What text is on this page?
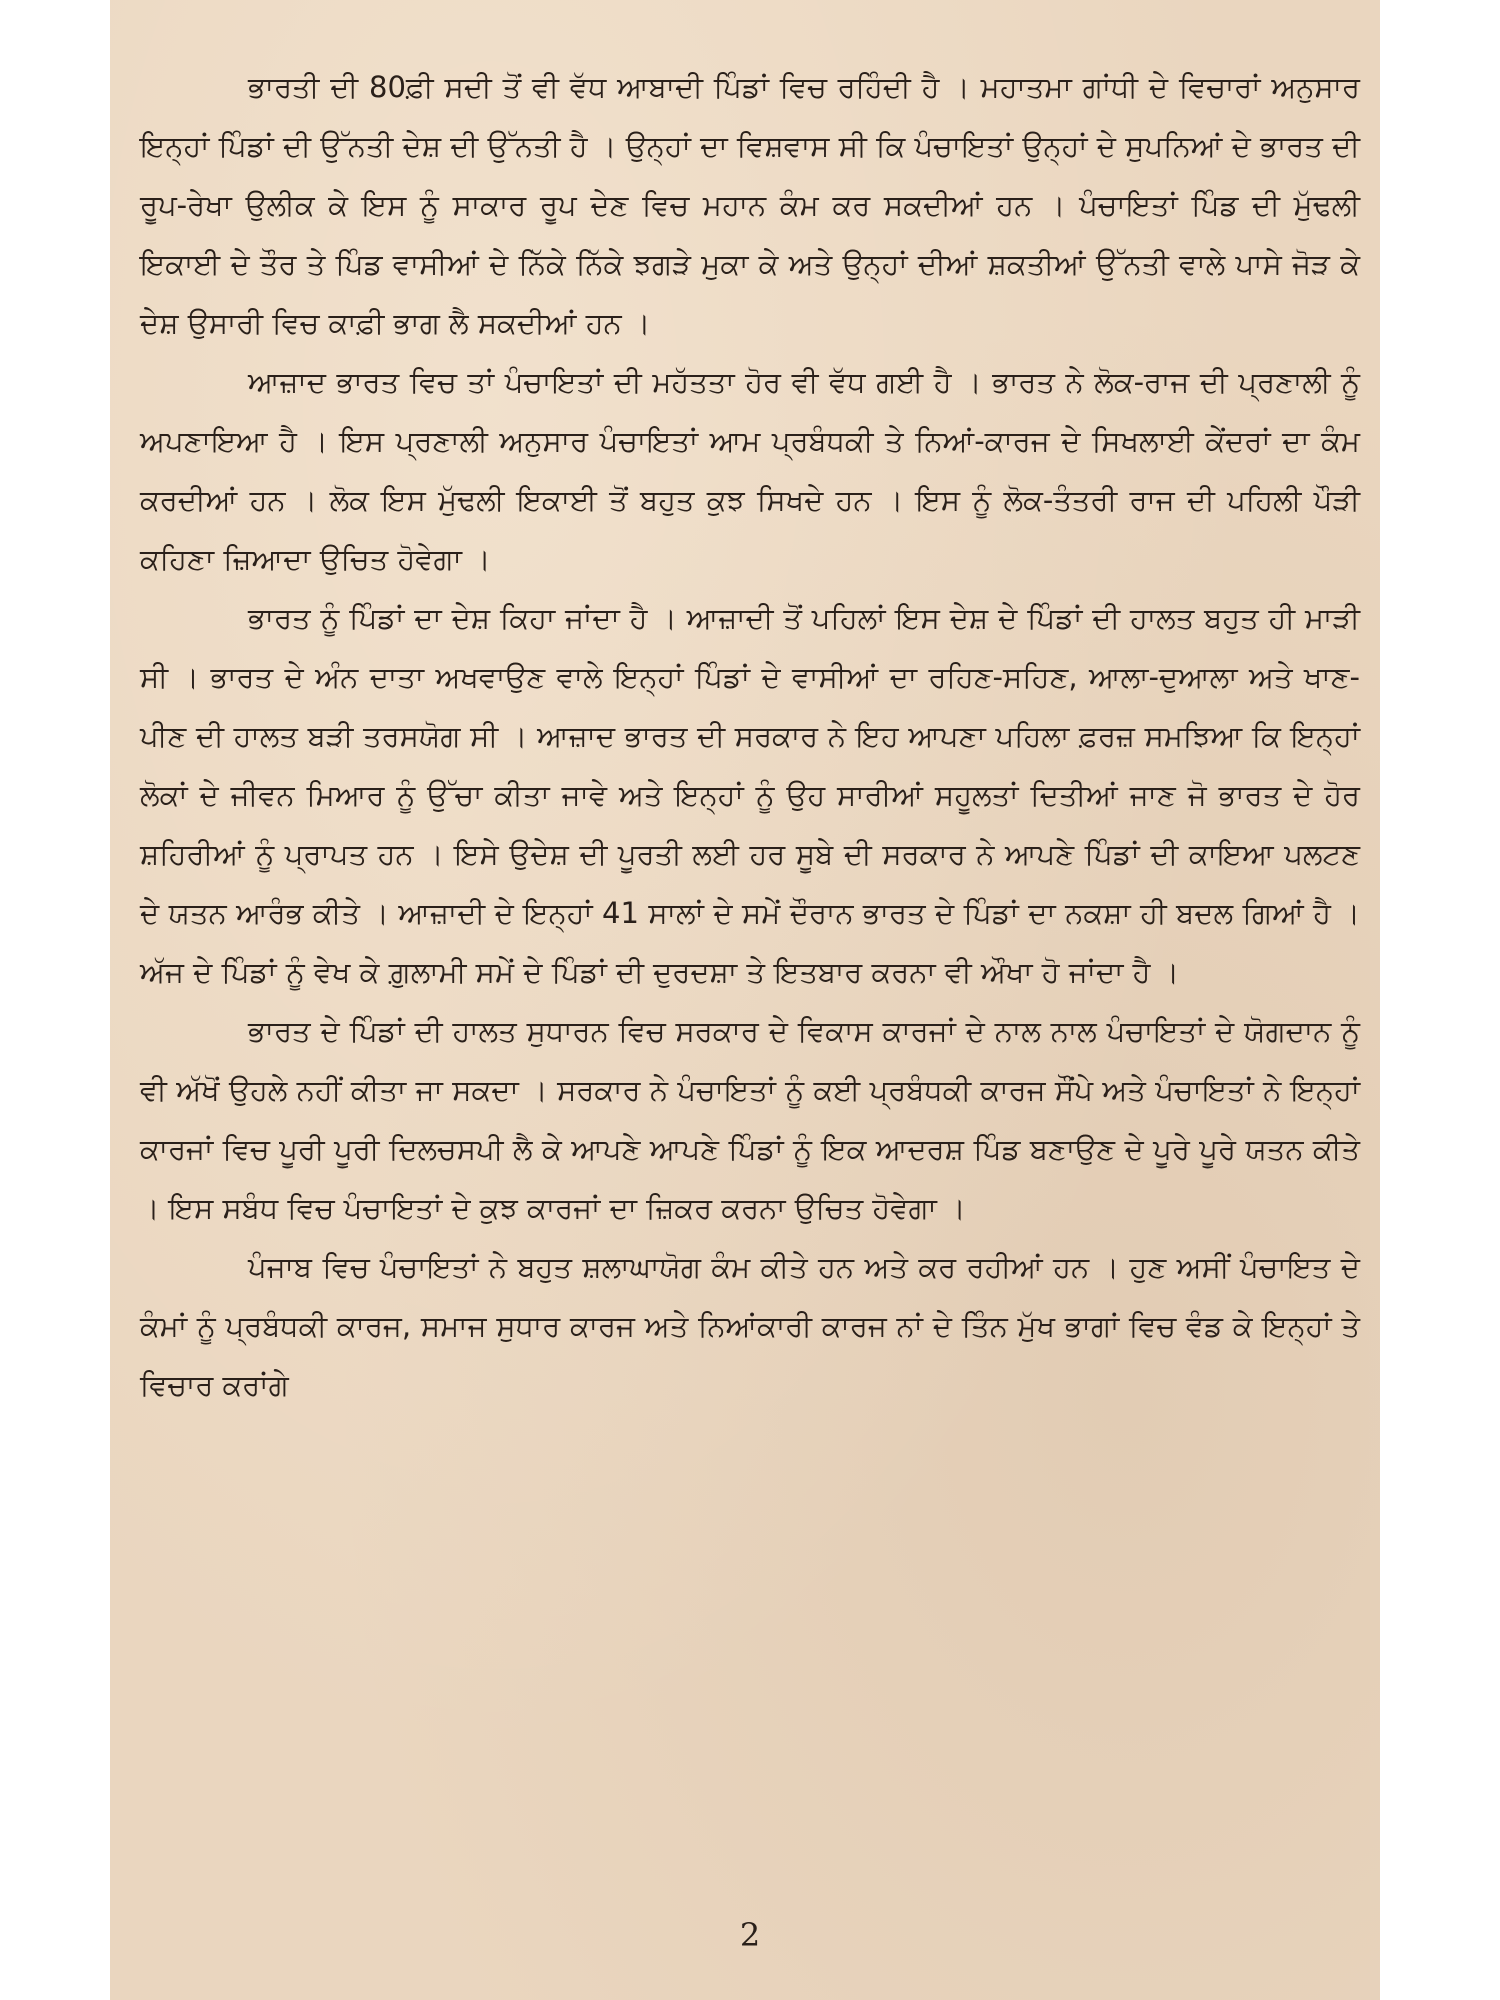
ਭਾਰਤੀ ਦੀ 80ਫ਼ੀ ਸਦੀ ਤੋਂ ਵੀ ਵੱਧ ਆਬਾਦੀ ਪਿੰਡਾਂ ਵਿਚ ਰਹਿੰਦੀ ਹੈ । ਮਹਾਤਮਾ ਗਾਂਧੀ ਦੇ ਵਿਚਾਰਾਂ ਅਨੁਸਾਰ ਇਨ੍ਹਾਂ ਪਿੰਡਾਂ ਦੀ ਉੱਨਤੀ ਦੇਸ਼ ਦੀ ਉੱਨਤੀ ਹੈ । ਉਨ੍ਹਾਂ ਦਾ ਵਿਸ਼ਵਾਸ ਸੀ ਕਿ ਪੰਚਾਇਤਾਂ ਉਨ੍ਹਾਂ ਦੇ ਸੁਪਨਿਆਂ ਦੇ ਭਾਰਤ ਦੀ ਰੂਪ-ਰੇਖਾ ਉਲੀਕ ਕੇ ਇਸ ਨੂੰ ਸਾਕਾਰ ਰੂਪ ਦੇਣ ਵਿਚ ਮਹਾਨ ਕੰਮ ਕਰ ਸਕਦੀਆਂ ਹਨ । ਪੰਚਾਇਤਾਂ ਪਿੰਡ ਦੀ ਮੁੱਢਲੀ ਇਕਾਈ ਦੇ ਤੌਰ ਤੇ ਪਿੰਡ ਵਾਸੀਆਂ ਦੇ ਨਿੱਕੇ ਨਿੱਕੇ ਝਗੜੇ ਮੁਕਾ ਕੇ ਅਤੇ ਉਨ੍ਹਾਂ ਦੀਆਂ ਸ਼ਕਤੀਆਂ ਉੱਨਤੀ ਵਾਲੇ ਪਾਸੇ ਜੋੜ ਕੇ ਦੇਸ਼ ਉਸਾਰੀ ਵਿਚ ਕਾਫ਼ੀ ਭਾਗ ਲੈ ਸਕਦੀਆਂ ਹਨ ।

ਆਜ਼ਾਦ ਭਾਰਤ ਵਿਚ ਤਾਂ ਪੰਚਾਇਤਾਂ ਦੀ ਮਹੱਤਤਾ ਹੋਰ ਵੀ ਵੱਧ ਗਈ ਹੈ । ਭਾਰਤ ਨੇ ਲੋਕ-ਰਾਜ ਦੀ ਪ੍ਰਣਾਲੀ ਨੂੰ ਅਪਣਾਇਆ ਹੈ । ਇਸ ਪ੍ਰਣਾਲੀ ਅਨੁਸਾਰ ਪੰਚਾਇਤਾਂ ਆਮ ਪ੍ਰਬੰਧਕੀ ਤੇ ਨਿਆਂ-ਕਾਰਜ ਦੇ ਸਿਖਲਾਈ ਕੇਂਦਰਾਂ ਦਾ ਕੰਮ ਕਰਦੀਆਂ ਹਨ । ਲੋਕ ਇਸ ਮੁੱਢਲੀ ਇਕਾਈ ਤੋਂ ਬਹੁਤ ਕੁਝ ਸਿਖਦੇ ਹਨ । ਇਸ ਨੂੰ ਲੋਕ-ਤੰਤਰੀ ਰਾਜ ਦੀ ਪਹਿਲੀ ਪੌੜੀ ਕਹਿਣਾ ਜ਼ਿਆਦਾ ਉਚਿਤ ਹੋਵੇਗਾ ।

ਭਾਰਤ ਨੂੰ ਪਿੰਡਾਂ ਦਾ ਦੇਸ਼ ਕਿਹਾ ਜਾਂਦਾ ਹੈ । ਆਜ਼ਾਦੀ ਤੋਂ ਪਹਿਲਾਂ ਇਸ ਦੇਸ਼ ਦੇ ਪਿੰਡਾਂ ਦੀ ਹਾਲਤ ਬਹੁਤ ਹੀ ਮਾੜੀ ਸੀ । ਭਾਰਤ ਦੇ ਅੰਨ ਦਾਤਾ ਅਖਵਾਉਣ ਵਾਲੇ ਇਨ੍ਹਾਂ ਪਿੰਡਾਂ ਦੇ ਵਾਸੀਆਂ ਦਾ ਰਹਿਣ-ਸਹਿਣ, ਆਲਾ-ਦੁਆਲਾ ਅਤੇ ਖਾਣ-ਪੀਣ ਦੀ ਹਾਲਤ ਬੜੀ ਤਰਸਯੋਗ ਸੀ । ਆਜ਼ਾਦ ਭਾਰਤ ਦੀ ਸਰਕਾਰ ਨੇ ਇਹ ਆਪਣਾ ਪਹਿਲਾ ਫ਼ਰਜ਼ ਸਮਝਿਆ ਕਿ ਇਨ੍ਹਾਂ ਲੋਕਾਂ ਦੇ ਜੀਵਨ ਮਿਆਰ ਨੂੰ ਉੱਚਾ ਕੀਤਾ ਜਾਵੇ ਅਤੇ ਇਨ੍ਹਾਂ ਨੂੰ ਉਹ ਸਾਰੀਆਂ ਸਹੂਲਤਾਂ ਦਿਤੀਆਂ ਜਾਣ ਜੋ ਭਾਰਤ ਦੇ ਹੋਰ ਸ਼ਹਿਰੀਆਂ ਨੂੰ ਪ੍ਰਾਪਤ ਹਨ । ਇਸੇ ਉਦੇਸ਼ ਦੀ ਪੂਰਤੀ ਲਈ ਹਰ ਸੂਬੇ ਦੀ ਸਰਕਾਰ ਨੇ ਆਪਣੇ ਪਿੰਡਾਂ ਦੀ ਕਾਇਆ ਪਲਟਣ ਦੇ ਯਤਨ ਆਰੰਭ ਕੀਤੇ । ਆਜ਼ਾਦੀ ਦੇ ਇਨ੍ਹਾਂ 41 ਸਾਲਾਂ ਦੇ ਸਮੇਂ ਦੌਰਾਨ ਭਾਰਤ ਦੇ ਪਿੰਡਾਂ ਦਾ ਨਕਸ਼ਾ ਹੀ ਬਦਲ ਗਿਆਂ ਹੈ । ਅੱਜ ਦੇ ਪਿੰਡਾਂ ਨੂੰ ਵੇਖ ਕੇ ਗ਼ੁਲਾਮੀ ਸਮੇਂ ਦੇ ਪਿੰਡਾਂ ਦੀ ਦੁਰਦਸ਼ਾ ਤੇ ਇਤਬਾਰ ਕਰਨਾ ਵੀ ਔਖਾ ਹੋ ਜਾਂਦਾ ਹੈ ।

ਭਾਰਤ ਦੇ ਪਿੰਡਾਂ ਦੀ ਹਾਲਤ ਸੁਧਾਰਨ ਵਿਚ ਸਰਕਾਰ ਦੇ ਵਿਕਾਸ ਕਾਰਜਾਂ ਦੇ ਨਾਲ ਨਾਲ ਪੰਚਾਇਤਾਂ ਦੇ ਯੋਗਦਾਨ ਨੂੰ ਵੀ ਅੱਖੋਂ ਉਹਲੇ ਨਹੀਂ ਕੀਤਾ ਜਾ ਸਕਦਾ । ਸਰਕਾਰ ਨੇ ਪੰਚਾਇਤਾਂ ਨੂੰ ਕਈ ਪ੍ਰਬੰਧਕੀ ਕਾਰਜ ਸੌਂਪੇ ਅਤੇ ਪੰਚਾਇਤਾਂ ਨੇ ਇਨ੍ਹਾਂ ਕਾਰਜਾਂ ਵਿਚ ਪੂਰੀ ਪੂਰੀ ਦਿਲਚਸਪੀ ਲੈ ਕੇ ਆਪਣੇ ਆਪਣੇ ਪਿੰਡਾਂ ਨੂੰ ਇਕ ਆਦਰਸ਼ ਪਿੰਡ ਬਣਾਉਣ ਦੇ ਪੂਰੇ ਪੂਰੇ ਯਤਨ ਕੀਤੇ । ਇਸ ਸਬੰਧ ਵਿਚ ਪੰਚਾਇਤਾਂ ਦੇ ਕੁਝ ਕਾਰਜਾਂ ਦਾ ਜ਼ਿਕਰ ਕਰਨਾ ਉਚਿਤ ਹੋਵੇਗਾ ।

ਪੰਜਾਬ ਵਿਚ ਪੰਚਾਇਤਾਂ ਨੇ ਬਹੁਤ ਸ਼ਲਾਘਾਯੋਗ ਕੰਮ ਕੀਤੇ ਹਨ ਅਤੇ ਕਰ ਰਹੀਆਂ ਹਨ । ਹੁਣ ਅਸੀਂ ਪੰਚਾਇਤ ਦੇ ਕੰਮਾਂ ਨੂੰ ਪ੍ਰਬੰਧਕੀ ਕਾਰਜ, ਸਮਾਜ ਸੁਧਾਰ ਕਾਰਜ ਅਤੇ ਨਿਆਂਕਾਰੀ ਕਾਰਜ ਨਾਂ ਦੇ ਤਿੰਨ ਮੁੱਖ ਭਾਗਾਂ ਵਿਚ ਵੰਡ ਕੇ ਇਨ੍ਹਾਂ ਤੇ ਵਿਚਾਰ ਕਰਾਂਗੇ

2
